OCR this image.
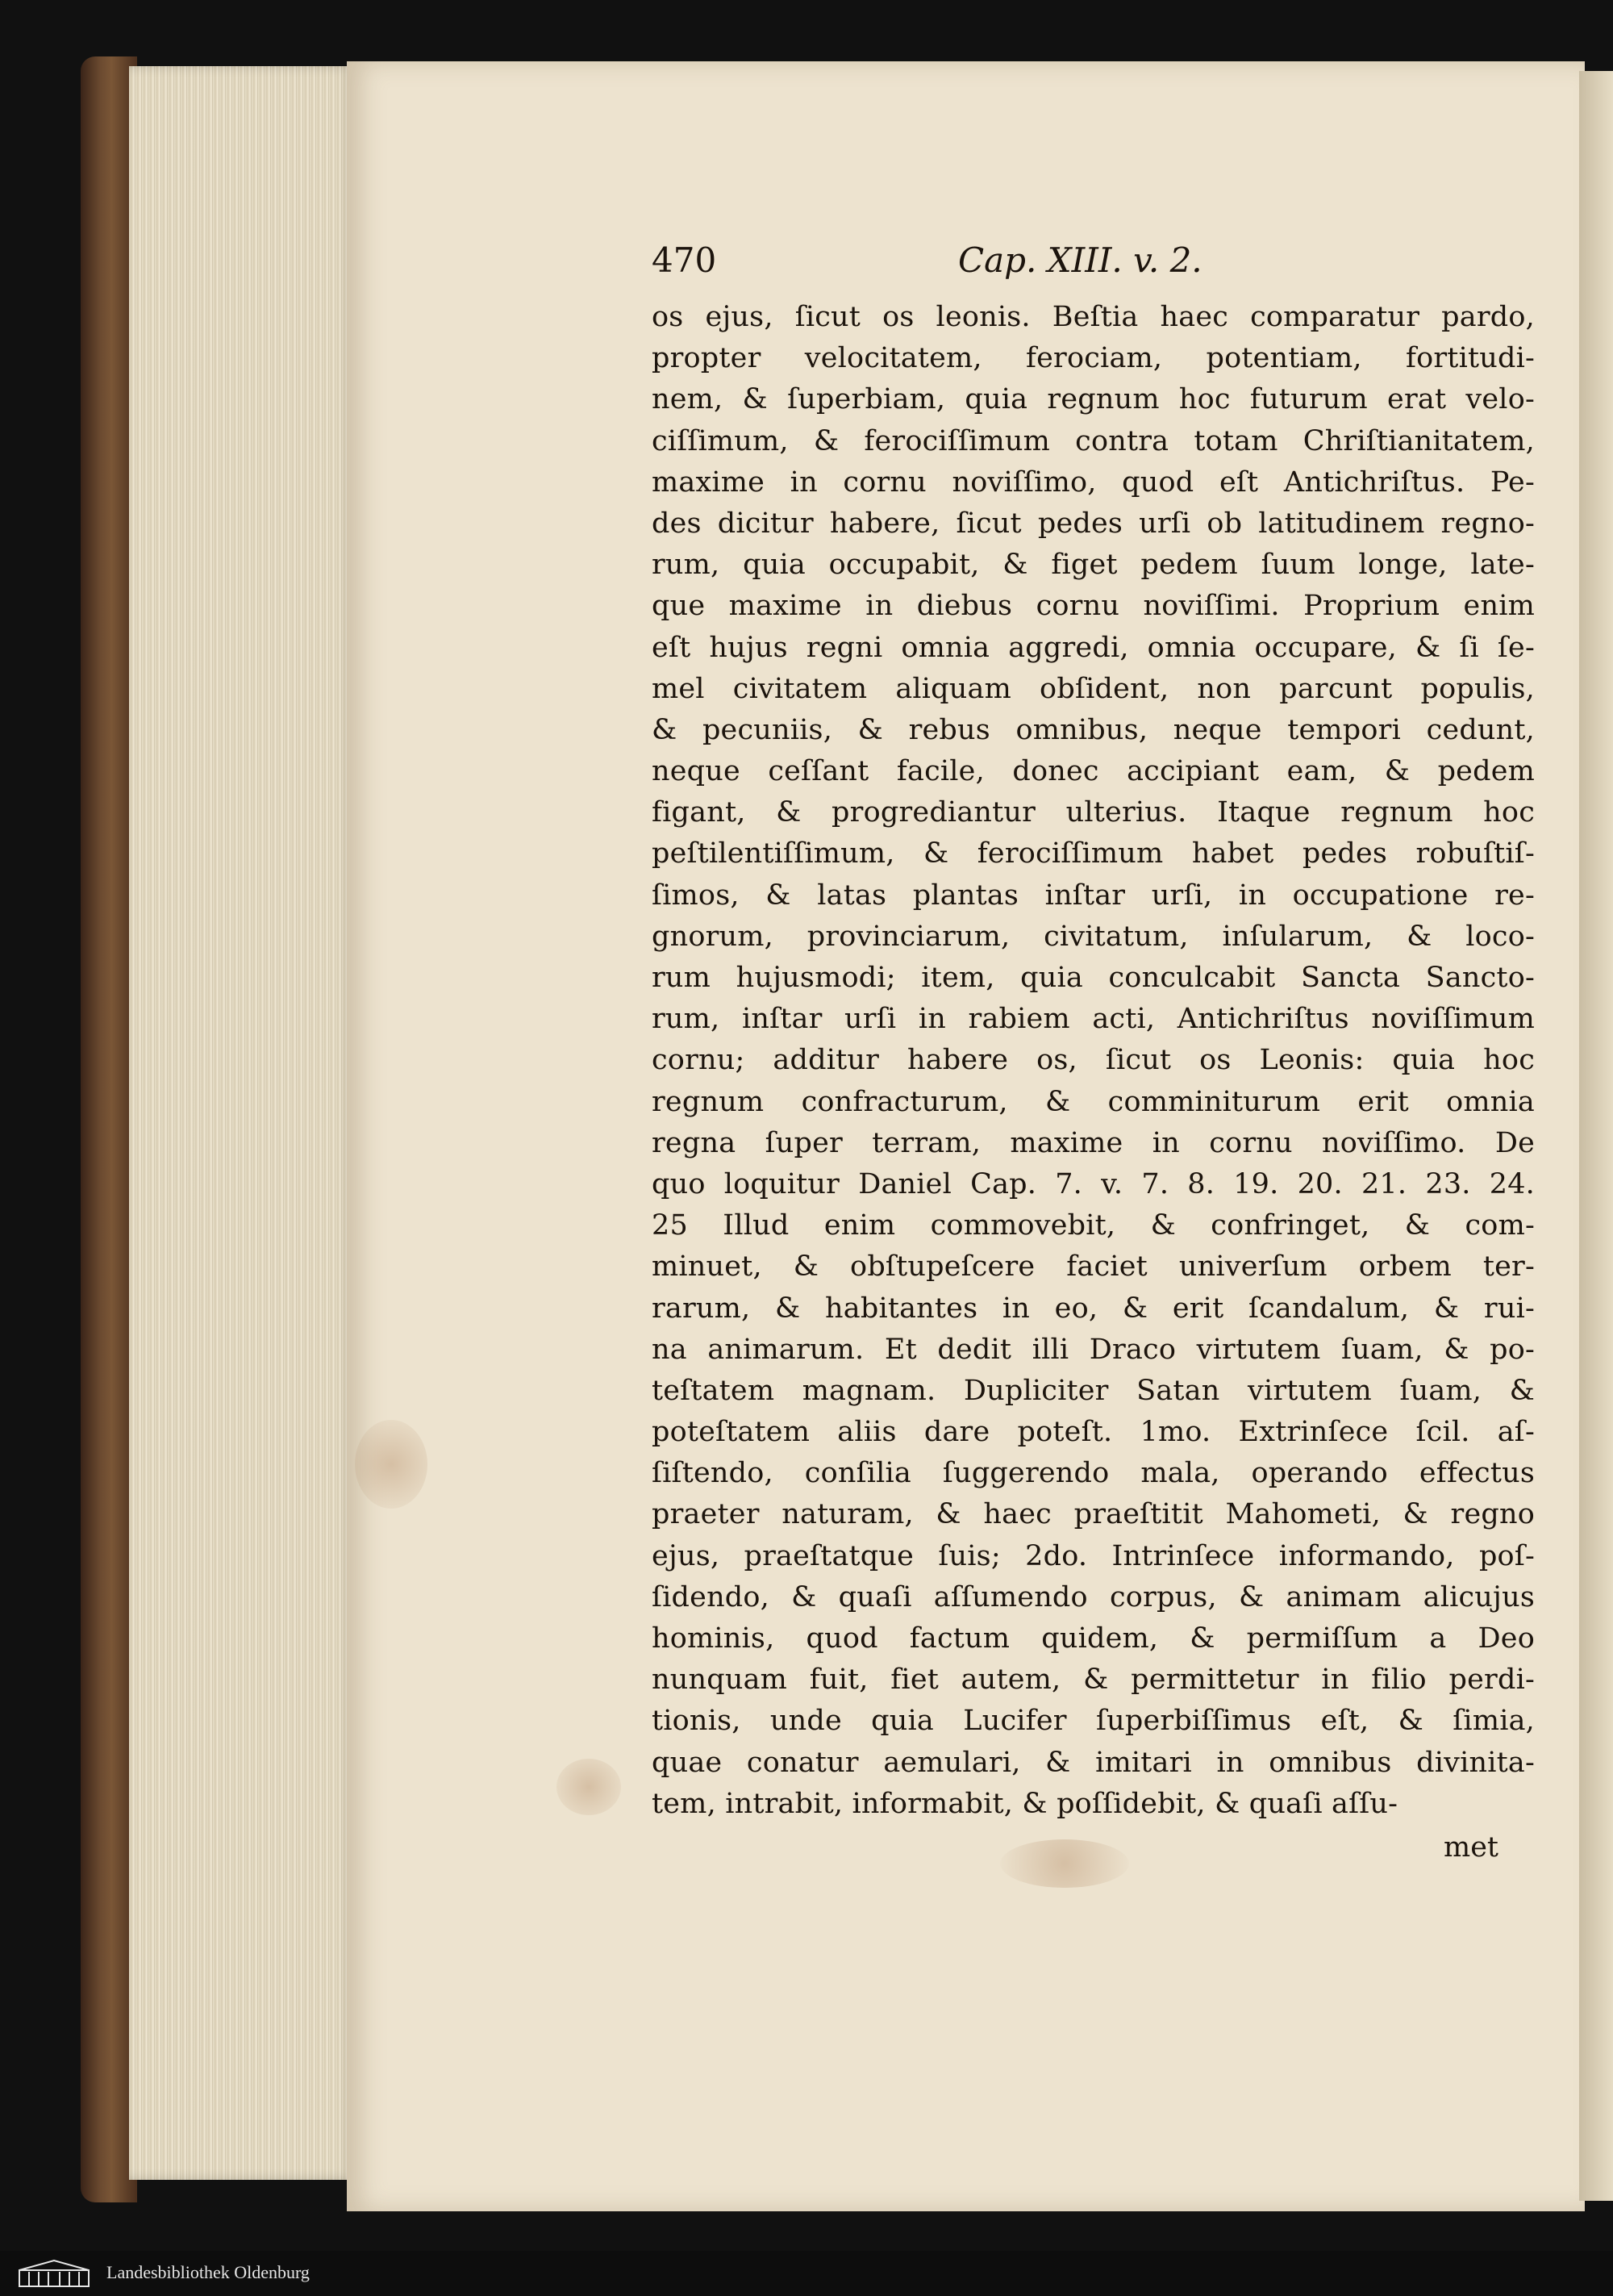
470	Cap. XIII. v. 2.
os ejus, ſicut os leonis. Beſtia haec comparatur pardo,
propter velocitatem, ferociam, potentiam, fortitudi-
nem, & ſuperbiam, quia regnum hoc futurum erat velo-
ciſſimum, & ferociſſimum contra totam Chriſtianitatem,
maxime in cornu noviſſimo, quod eſt Antichriſtus. Pe-
des dicitur habere, ſicut pedes urſi ob latitudinem regno-
rum, quia occupabit, & figet pedem ſuum longe, late-
que maxime in diebus cornu noviſſimi. Proprium enim
eſt hujus regni omnia aggredi, omnia occupare, & ſi ſe-
mel civitatem aliquam obſident, non parcunt populis,
& pecuniis, & rebus omnibus, neque tempori cedunt,
neque ceſſant facile, donec accipiant eam, & pedem
figant, & progrediantur ulterius. Itaque regnum hoc
peſtilentiſſimum, & ferociſſimum habet pedes robuſtiſ-
ſimos, & latas plantas inſtar urſi, in occupatione re-
gnorum, provinciarum, civitatum, inſularum, & loco-
rum hujusmodi; item, quia conculcabit Sancta Sancto-
rum, inſtar urſi in rabiem acti, Antichriſtus noviſſimum
cornu; additur habere os, ſicut os Leonis: quia hoc
regnum confracturum, & comminiturum erit omnia
regna ſuper terram, maxime in cornu noviſſimo. De
quo loquitur Daniel Cap. 7. v. 7. 8. 19. 20. 21. 23. 24.
25 Illud enim commovebit, & confringet, & com-
minuet, & obſtupeſcere faciet univerſum orbem ter-
rarum, & habitantes in eo, & erit ſcandalum, & rui-
na animarum. Et dedit illi Draco virtutem ſuam, & po-
teſtatem magnam. Dupliciter Satan virtutem ſuam, &
poteſtatem aliis dare poteſt. 1mo. Extrinſece ſcil. aſ-
ſiſtendo, conſilia ſuggerendo mala, operando effectus
praeter naturam, & haec praeſtitit Mahometi, & regno
ejus, praeſtatque ſuis; 2do. Intrinſece informando, poſ-
ſidendo, & quaſi aſſumendo corpus, & animam alicujus
hominis, quod factum quidem, & permiſſum a Deo
nunquam fuit, fiet autem, & permittetur in filio perdi-
tionis, unde quia Lucifer ſuperbiſſimus eſt, & ſimia,
quae conatur aemulari, & imitari in omnibus divinita-
tem, intrabit, informabit, & poſſidebit, & quaſi aſſu-
met
Landesbibliothek Oldenburg
